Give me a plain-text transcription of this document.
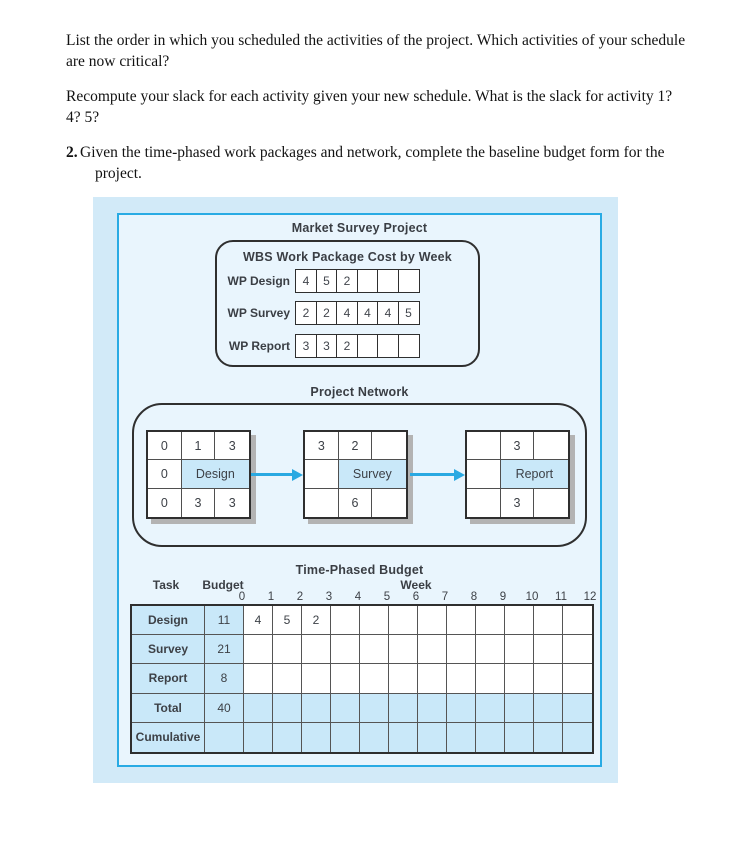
List the order in which you scheduled the activities of the project. Which activities of your schedule
are now critical?

Recompute your slack for each activity given your new schedule. What is the slack for activity 1?
4? 5?

2. Given the time-phased work packages and network, complete the baseline budget form for the
project.

Market Survey Project
WBS Work Package Cost by Week
WP Design	4	5	2
WP Survey	2	2	4	4	4	5
WP Report	3	3	2
Project Network
0	1	3
0	Design
0	3	3
3	2
Survey
6
3
Report
3
Time-Phased Budget
Task Budget	Week
0 1 2 3 4 5 6 7 8 9 10 11 12
Design	11	4	5	2
Survey	21
Report	8
Total	40
Cumulative
